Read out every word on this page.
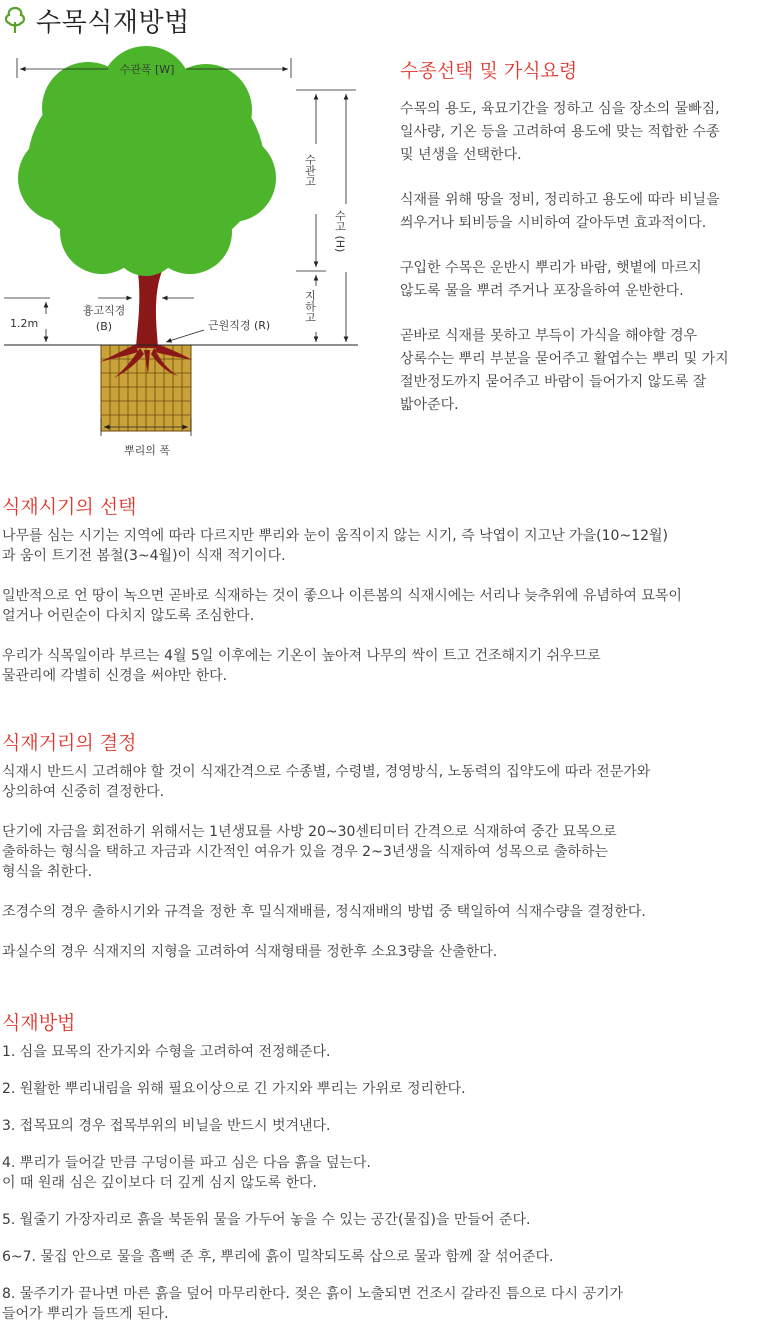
수목식재방법
수관폭 [W]
수관고
수고 (H)
지하고
1.2m
흉고직경
(B)	근원직경 (R)
뿌리의 폭
수종선택 및 가식요령

수목의 용도, 육묘기간을 정하고 심을 장소의 물빠짐,
일사량, 기온 등을 고려하여 용도에 맞는 적합한 수종
및 년생을 선택한다.

식재를 위해 땅을 정비, 정리하고 용도에 따라 비닐을
씌우거나 퇴비등을 시비하여 갈아두면 효과적이다.

구입한 수목은 운반시 뿌리가 바람, 햇볕에 마르지
않도록 물을 뿌려 주거나 포장을하여 운반한다.

곧바로 식재를 못하고 부득이 가식을 해야할 경우
상록수는 뿌리 부분을 묻어주고 활엽수는 뿌리 및 가지
절반정도까지 묻어주고 바람이 들어가지 않도록 잘
밟아준다.

식재시기의 선택

나무를 심는 시기는 지역에 따라 다르지만 뿌리와 눈이 움직이지 않는 시기, 즉 낙엽이 지고난 가을(10~12월)
과 움이 트기전 봄철(3~4월)이 식재 적기이다.

일반적으로 언 땅이 녹으면 곧바로 식재하는 것이 좋으나 이른봄의 식재시에는 서리나 늦추위에 유념하여 묘목이
얼거나 어린순이 다치지 않도록 조심한다.

우리가 식목일이라 부르는 4월 5일 이후에는 기온이 높아져 나무의 싹이 트고 건조해지기 쉬우므로
물관리에 각별히 신경을 써야만 한다.

식재거리의 결정

식재시 반드시 고려해야 할 것이 식재간격으로 수종별, 수령별, 경영방식, 노동력의 집약도에 따라 전문가와
상의하여 신중히 결정한다.

단기에 자금을 회전하기 위해서는 1년생묘를 사방 20~30센티미터 간격으로 식재하여 중간 묘목으로
출하하는 형식을 택하고 자금과 시간적인 여유가 있을 경우 2~3년생을 식재하여 성목으로 출하하는
형식을 취한다.

조경수의 경우 출하시기와 규격을 정한 후 밀식재배를, 정식재배의 방법 중 택일하여 식재수량을 결정한다.

과실수의 경우 식재지의 지형을 고려하여 식재형태를 정한후 소요3량을 산출한다.

식재방법

1. 심을 묘목의 잔가지와 수형을 고려하여 전정해준다.

2. 원활한 뿌리내림을 위해 필요이상으로 긴 가지와 뿌리는 가위로 정리한다.

3. 접목묘의 경우 접목부위의 비닐을 반드시 벗겨낸다.

4. 뿌리가 들어갈 만큼 구덩이를 파고 심은 다음 흙을 덮는다.
이 때 원래 심은 깊이보다 더 깊게 심지 않도록 한다.

5. 월줄기 가장자리로 흙을 북돋워 물을 가두어 놓을 수 있는 공간(물집)을 만들어 준다.

6~7. 물집 안으로 물을 흠뻑 준 후, 뿌리에 흙이 밀착되도록 삽으로 물과 함께 잘 섞어준다.

8. 물주기가 끝나면 마른 흙을 덮어 마무리한다. 젖은 흙이 노출되면 건조시 갈라진 틈으로 다시 공기가
들어가 뿌리가 들뜨게 된다.
